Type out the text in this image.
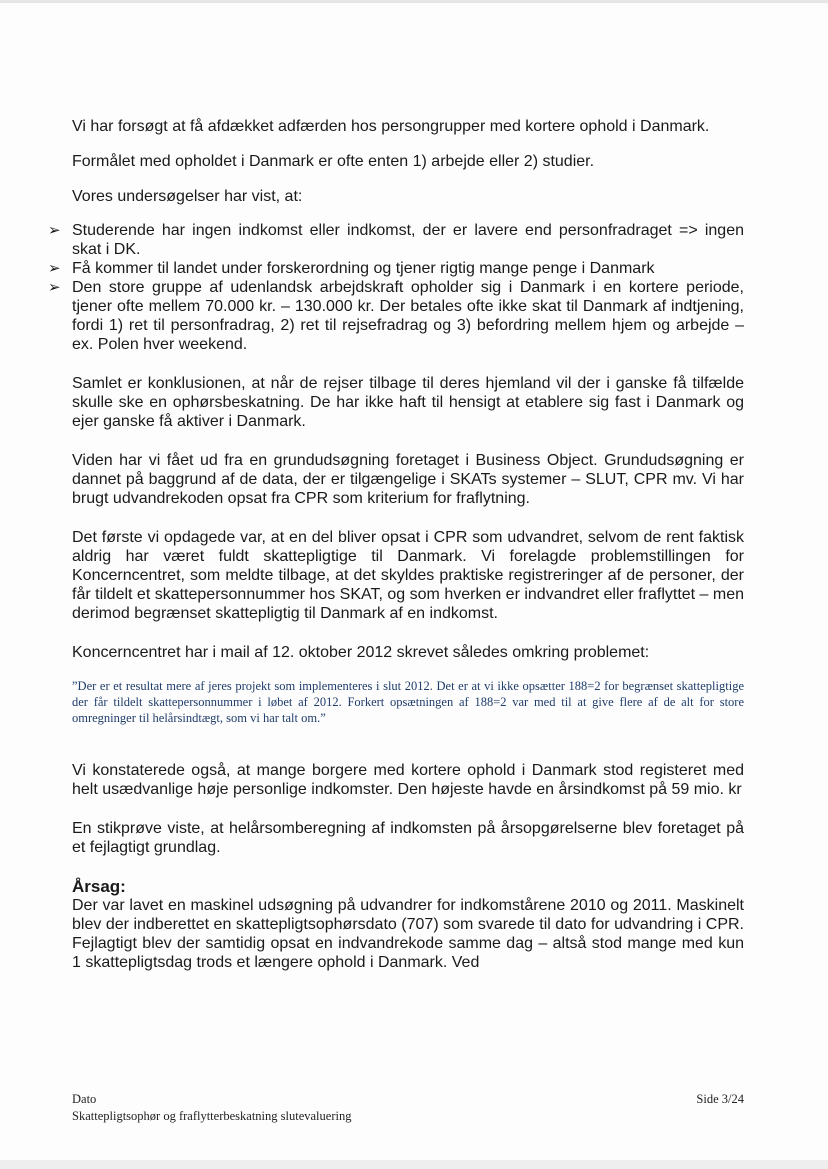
Vi har forsøgt at få afdækket adfærden hos persongrupper med kortere ophold i Danmark.

Formålet med opholdet i Danmark er ofte enten 1) arbejde eller 2) studier.

Vores undersøgelser har vist, at:

➢ Studerende har ingen indkomst eller indkomst, der er lavere end personfradraget => ingen skat i DK.
➢ Få kommer til landet under forskerordning og tjener rigtig mange penge i Danmark
➢ Den store gruppe af udenlandsk arbejdskraft opholder sig i Danmark i en kortere periode, tjener ofte mellem 70.000 kr. – 130.000 kr. Der betales ofte ikke skat til Danmark af indtjening, fordi 1) ret til personfradrag, 2) ret til rejsefradrag og 3) befordring mellem hjem og arbejde – ex. Polen hver weekend.

Samlet er konklusionen, at når de rejser tilbage til deres hjemland vil der i ganske få tilfælde skulle ske en ophørsbeskatning. De har ikke haft til hensigt at etablere sig fast i Danmark og ejer ganske få aktiver i Danmark.

Viden har vi fået ud fra en grundudsøgning foretaget i Business Object. Grundudsøgning er dannet på baggrund af de data, der er tilgængelige i SKATs systemer – SLUT, CPR mv. Vi har brugt udvandrekoden opsat fra CPR som kriterium for fraflytning.

Det første vi opdagede var, at en del bliver opsat i CPR som udvandret, selvom de rent faktisk aldrig har været fuldt skattepligtige til Danmark. Vi forelagde problemstillingen for Koncerncentret, som meldte tilbage, at det skyldes praktiske registreringer af de personer, der får tildelt et skattepersonnummer hos SKAT, og som hverken er indvandret eller fraflyttet – men derimod begrænset skattepligtig til Danmark af en indkomst.

Koncerncentret har i mail af 12. oktober 2012 skrevet således omkring problemet:

”Der er et resultat mere af jeres projekt som implementeres i slut 2012. Det er at vi ikke opsætter 188=2 for begrænset skattepligtige der får tildelt skattepersonnummer i løbet af 2012. Forkert opsætningen af 188=2 var med til at give flere af de alt for store omregninger til helårsindtægt, som vi har talt om.”

Vi konstaterede også, at mange borgere med kortere ophold i Danmark stod registeret med helt usædvanlige høje personlige indkomster. Den højeste havde en årsindkomst på 59 mio. kr

En stikprøve viste, at helårsomberegning af indkomsten på årsopgørelserne blev foretaget på et fejlagtigt grundlag.

Årsag:

Der var lavet en maskinel udsøgning på udvandrer for indkomstårene 2010 og 2011. Maskinelt blev der indberettet en skattepligtsophørsdato (707) som svarede til dato for udvandring i CPR. Fejlagtigt blev der samtidig opsat en indvandrekode samme dag – altså stod mange med kun 1 skattepligtsdag trods et længere ophold i Danmark. Ved

Dato
Skattepligtsophør og fraflytterbeskatning slutevaluering
Side 3/24
